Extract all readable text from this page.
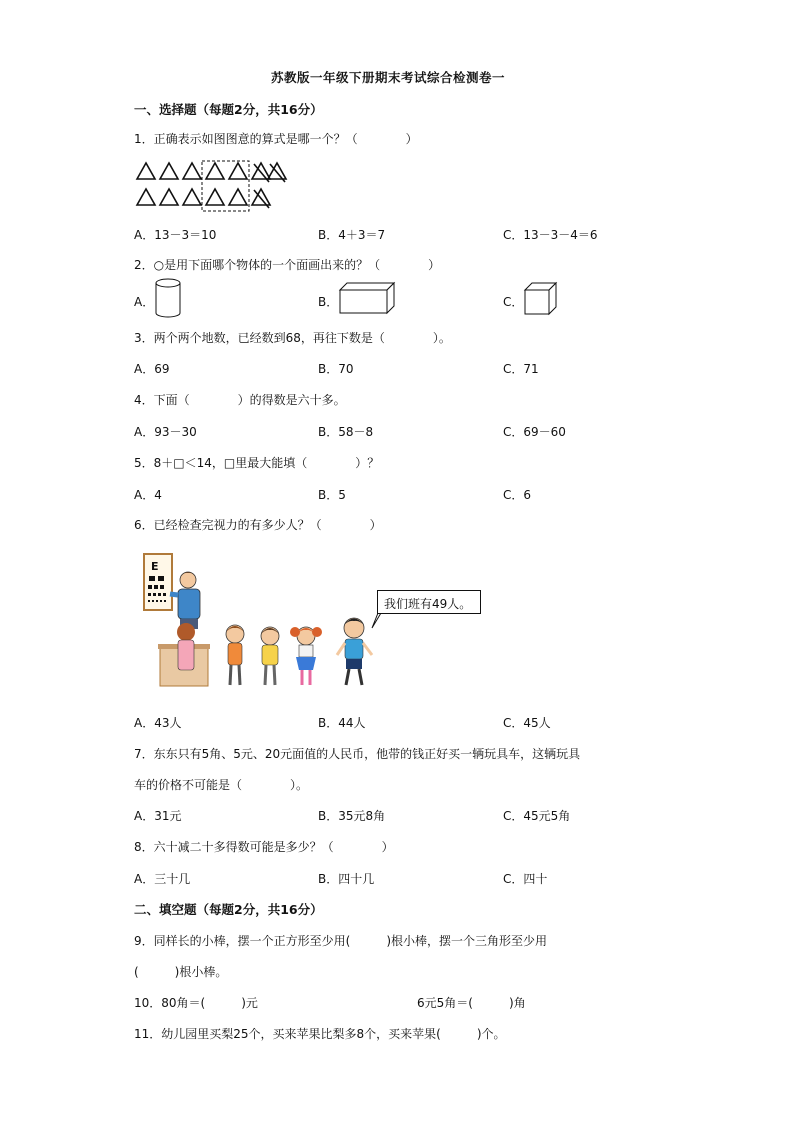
苏教版一年级下册期末考试综合检测卷一
一、选择题（每题2分，共16分）
1．正确表示如图图意的算式是哪一个？（　　　　）
A．13－3＝10	B．4＋3＝7	C．13－3－4＝6
2．○是用下面哪个物体的一个面画出来的？（　　　　）
A．	B．	C．
3．两个两个地数，已经数到68，再往下数是（　　　　）。
A．69	B．70	C．71
4．下面（　　　　）的得数是六十多。
A．93－30	B．58－8	C．69－60
5．8＋□＜14，□里最大能填（　　　　）？
A．4	B．5	C．6
6．已经检查完视力的有多少人？（　　　　）
E
我们班有49人。
A．43人	B．44人	C．45人
7．东东只有5角、5元、20元面值的人民币，他带的钱正好买一辆玩具车，这辆玩具
车的价格不可能是（　　　　）。
A．31元	B．35元8角	C．45元5角
8．六十减二十多得数可能是多少？（　　　　）
A．三十几	B．四十几	C．四十
二、填空题（每题2分，共16分）
9．同样长的小棒，摆一个正方形至少用(　　　)根小棒，摆一个三角形至少用
(　　　)根小棒。
10．80角＝(　　　)元	6元5角＝(　　　)角
11．幼儿园里买梨25个，买来苹果比梨多8个，买来苹果(　　　)个。
